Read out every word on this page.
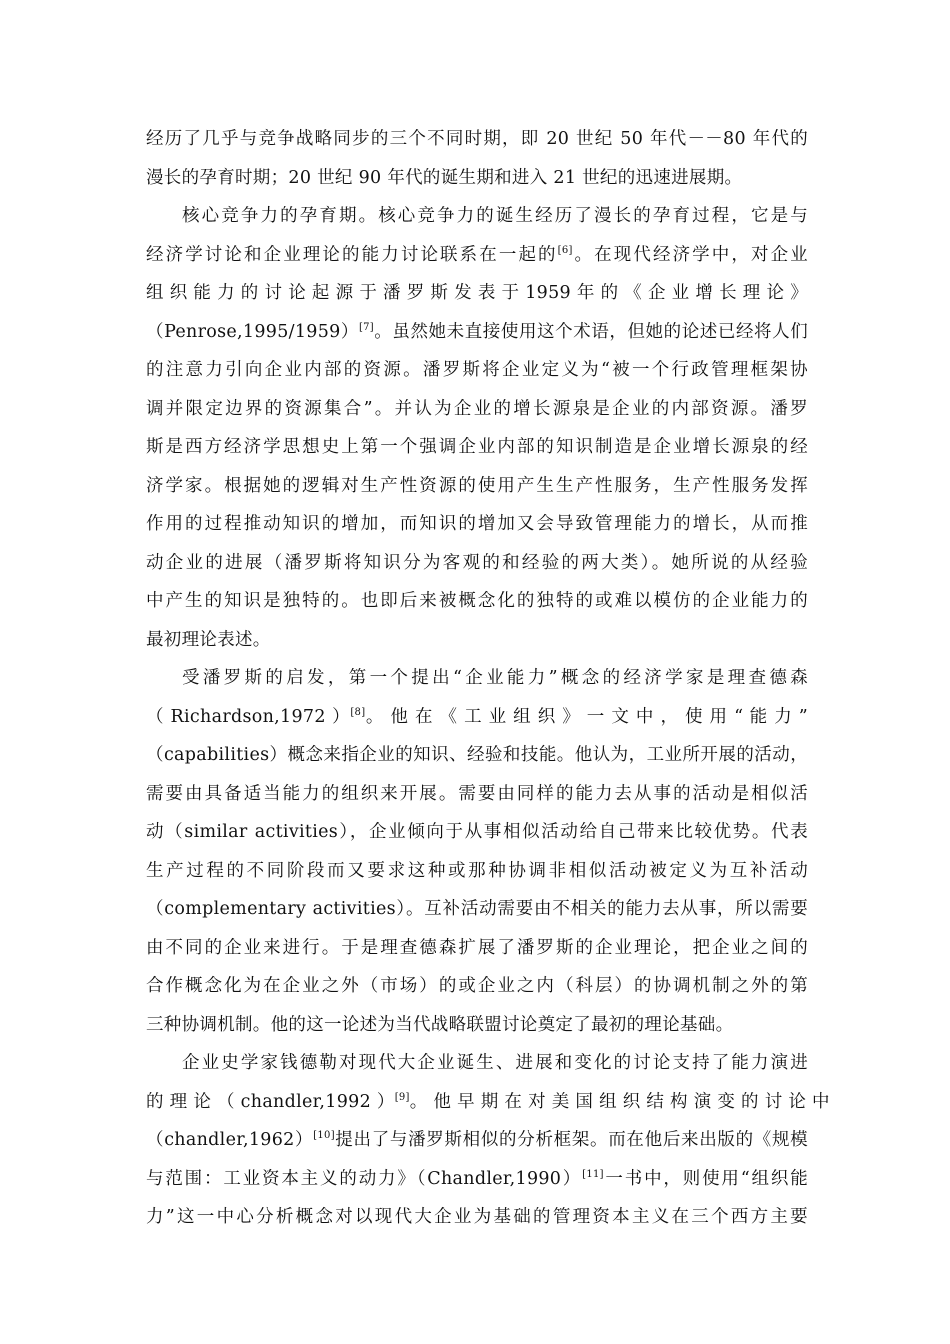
经历了几乎与竞争战略同步的三个不同时期，即 20 世纪 50 年代－－80 年代的
漫长的孕育时期；20 世纪 90 年代的诞生期和进入 21 世纪的迅速进展期。

核心竞争力的孕育期。核心竞争力的诞生经历了漫长的孕育过程，它是与
经济学讨论和企业理论的能力讨论联系在一起的[6]。在现代经济学中，对企业
组 织 能 力 的 讨 论 起 源 于 潘 罗 斯 发 表 于 1959 年 的 《 企 业 增 长 理 论 》
（Penrose,1995/1959）[7]。虽然她未直接使用这个术语，但她的论述已经将人们
的注意力引向企业内部的资源。潘罗斯将企业定义为“被一个行政管理框架协
调并限定边界的资源集合”。并认为企业的增长源泉是企业的内部资源。潘罗
斯是西方经济学思想史上第一个强调企业内部的知识制造是企业增长源泉的经
济学家。根据她的逻辑对生产性资源的使用产生生产性服务，生产性服务发挥
作用的过程推动知识的增加，而知识的增加又会导致管理能力的增长，从而推
动企业的进展（潘罗斯将知识分为客观的和经验的两大类）。她所说的从经验
中产生的知识是独特的。也即后来被概念化的独特的或难以模仿的企业能力的
最初理论表述。

受潘罗斯的启发，第一个提出“企业能力”概念的经济学家是理查德森
（ Richardson,1972 ）[8]。 他 在 《 工 业 组 织 》 一 文 中 ， 使 用 “ 能 力 ”
（capabilities）概念来指企业的知识、经验和技能。他认为，工业所开展的活动，
需要由具备适当能力的组织来开展。需要由同样的能力去从事的活动是相似活
动（similar activities），企业倾向于从事相似活动给自己带来比较优势。代表
生产过程的不同阶段而又要求这种或那种协调非相似活动被定义为互补活动
（complementary activities）。互补活动需要由不相关的能力去从事，所以需要
由不同的企业来进行。于是理查德森扩展了潘罗斯的企业理论，把企业之间的
合作概念化为在企业之外（市场）的或企业之内（科层）的协调机制之外的第
三种协调机制。他的这一论述为当代战略联盟讨论奠定了最初的理论基础。

企业史学家钱德勒对现代大企业诞生、进展和变化的讨论支持了能力演进
的 理 论 （ chandler,1992 ）[9]。 他 早 期 在 对 美 国 组 织 结 构 演 变 的 讨 论 中
（chandler,1962）[10]提出了与潘罗斯相似的分析框架。而在他后来出版的《规模
与范围：工业资本主义的动力》（Chandler,1990）[11]一书中，则使用“组织能
力”这一中心分析概念对以现代大企业为基础的管理资本主义在三个西方主要
